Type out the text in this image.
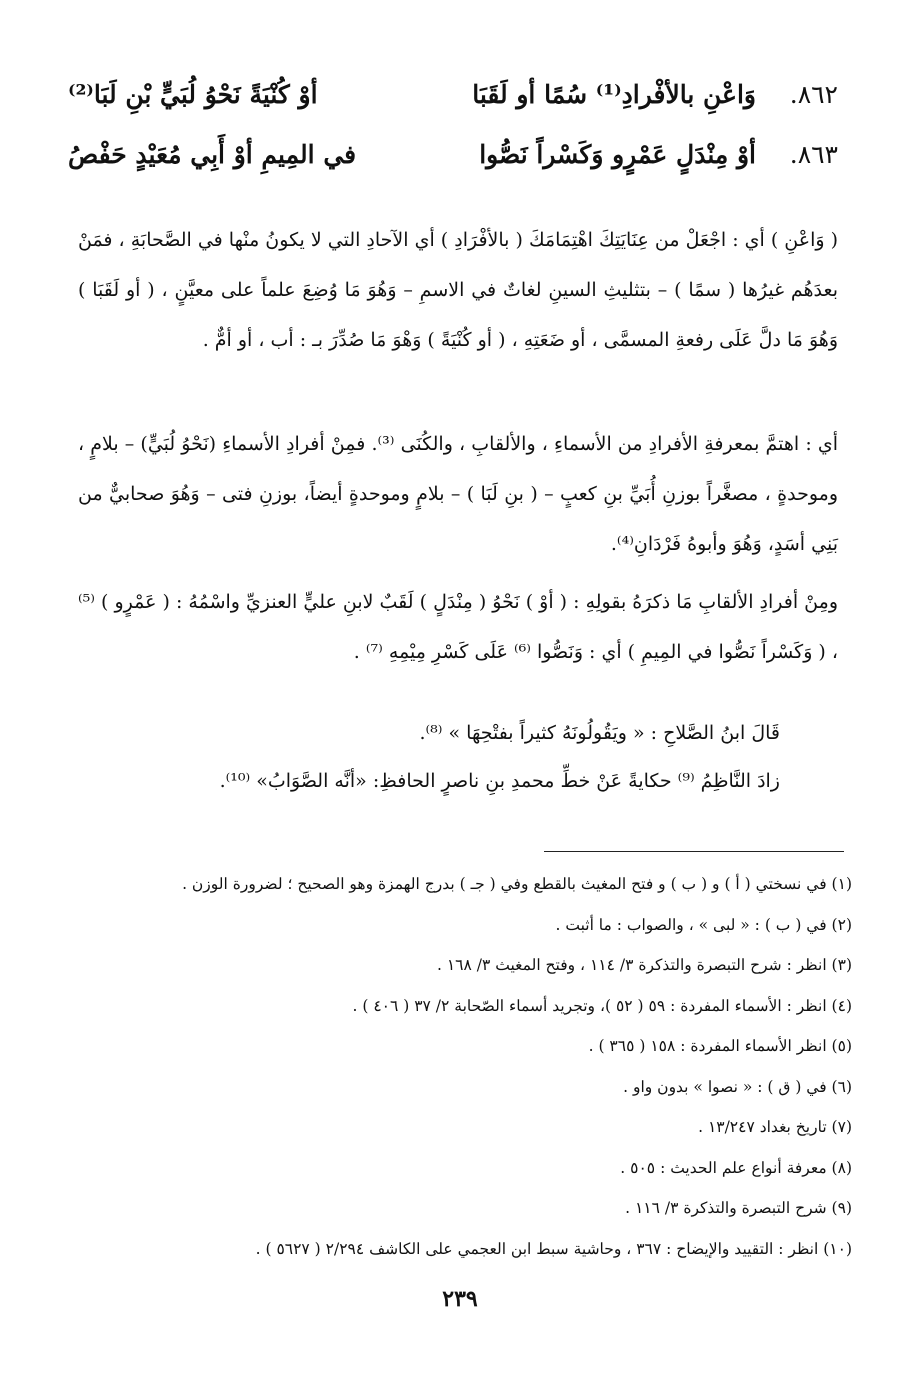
٨٦٢.
وَاعْنِ بالأفْرادِ⁽¹⁾ سُمًا أو لَقَبَا
أوْ كُنْيَةً نَحْوُ لُبَيٍّ بْنِ لَبَا⁽²⁾
٨٦٣.
أوْ مِنْدَلٍ عَمْرٍو وَكَسْراً نَصُّوا
في المِيمِ أوْ أَبِي مُعَيْدٍ حَفْصُ

( وَاعْنِ ) أي : اجْعَلْ من عِنَايَتِكَ اهْتِمَامَكَ ( بالأفْرَادِ ) أي الآحادِ التي لا يكونُ منْها في الصَّحابَةِ ، فمَنْ بعدَهُم غيرُها ( سمًا ) – بتثليثِ السينِ لغاتٌ في الاسمِ – وَهُوَ مَا وُضِعَ علماً على معيَّنٍ ، ( أو لَقَبَا ) وَهُوَ مَا دلَّ عَلَى رفعةِ المسمَّى ، أو ضَعَتِهِ ، ( أو كُنْيَةً ) وَهْوَ مَا صُدِّرَ بـ : أب ، أو أمٌّ .

أي : اهتمَّ بمعرفةِ الأفرادِ من الأسماءِ ، والألقابِ ، والكُنَى ⁽³⁾. فمِنْ أفرادِ الأسماءِ (نَحْوُ لُبَيٍّ) – بلامٍ ، وموحدةٍ ، مصغَّراً بوزنِ أُبَيِّ بنِ كعبٍ – ( بنِ لَبَا ) – بلامٍ وموحدةٍ أيضاً، بوزنِ فتى – وَهُوَ صحابيٌّ من بَنِي أسَدٍ، وَهُوَ وأبوهُ فَرْدَانِ⁽⁴⁾.

ومِنْ أفرادِ الألقابِ مَا ذكرَهُ بقولِهِ : ( أوْ ) نَحْوُ ( مِنْدَلٍ ) لَقَبٌ لابنِ عليٍّ العنزيِّ واسْمُهُ : ( عَمْرٍو ) ⁽⁵⁾ ، ( وَكَسْراً نَصُّوا في المِيمِ ) أي : وَنَصُّوا ⁽⁶⁾ عَلَى كَسْرِ مِيْمِهِ ⁽⁷⁾ .

قَالَ ابنُ الصَّلاحِ : « ويَقُولُونَهُ كثيراً بفتْحِهَا » ⁽⁸⁾.
زادَ النَّاظِمُ ⁽⁹⁾ حكايةً عَنْ خطِّ محمدِ بنِ ناصرٍ الحافظِ: «أنَّه الصَّوَابُ» ⁽¹⁰⁾.
(١) في نسختي ( أ ) و ( ب ) و فتح المغيث بالقطع وفي ( جـ ) بدرج الهمزة وهو الصحيح ؛ لضرورة الوزن .
(٢) في ( ب ) : « لبى » ، والصواب : ما أثبت .
(٣) انظر : شرح التبصرة والتذكرة ٣/ ١١٤ ، وفتح المغيث ٣/ ١٦٨ .
(٤) انظر : الأسماء المفردة : ٥٩ ( ٥٢ )، وتجريد أسماء الصّحابة ٢/ ٣٧ ( ٤٠٦ ) .
(٥) انظر الأسماء المفردة : ١٥٨ ( ٣٦٥ ) .
(٦) في ( ق ) : « نصوا » بدون واو .
(٧) تاريخ بغداد ١٣/٢٤٧ .
(٨) معرفة أنواع علم الحديث : ٥٠٥ .
(٩) شرح التبصرة والتذكرة ٣/ ١١٦ .
(١٠) انظر : التقييد والإيضاح : ٣٦٧ ، وحاشية سبط ابن العجمي على الكاشف ٢/٢٩٤ ( ٥٦٢٧ ) .
٢٣٩
